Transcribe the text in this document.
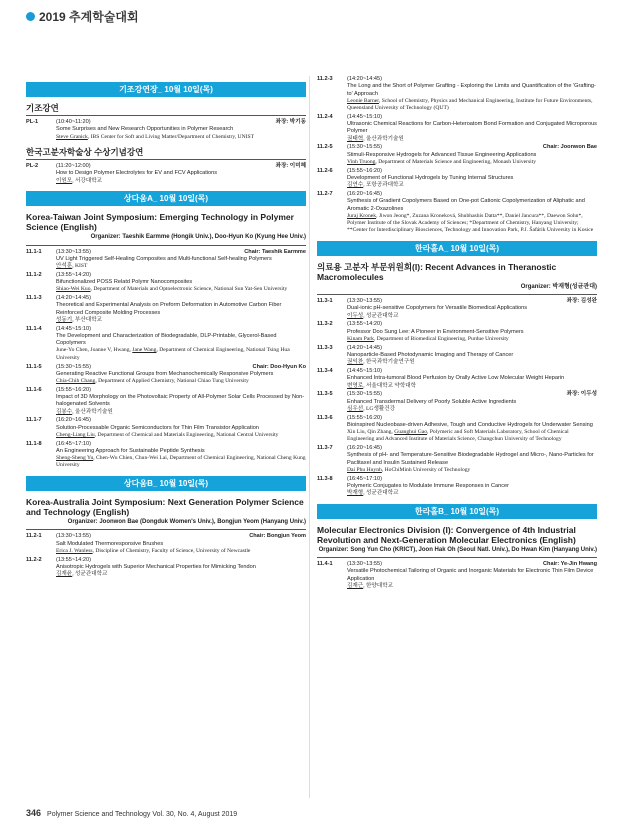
2019 추계학술대회
기조강연장_ 10월 10일(목)
기조강연
PL-1	(10:40~11:20)	좌장: 박기동
Some Surprises and New Research Opportunities in Polymer Research
Steve Granick, IBS Center for Soft and Living Matter/Department of Chemistry, UNIST
한국고분자학술상 수상기념강연
PL-2	(11:20~12:00)	좌장: 이미혜
How to Design Polymer Electrolytes for EV and FCV Applications
이원모, 서강대학교
상다움A_ 10월 10일(목)
Korea-Taiwan Joint Symposium: Emerging Technology in Polymer Science (English)
Organizer: Taeshik Earmme (Hongik Univ.), Doo-Hyun Ko (Kyung Hee Univ.)
11.1-1	(13:30~13:55)	Chair: Taeshik Earmme
UV Light Triggered Self-Healing Composites and Multi-functional Self-healing Polymers
안석훈, KIST
11.1-2	(13:55~14:20)
Bifunctionalized POSS Relatd Polymr Nanocomposites
Shiao-Wei Kuo, Department of Materials and Optoelectronic Science, National Sun Yat-Sen University
11.1-3	(14:20~14:45)
Theoretical and Experimental Analysis on Preform Deformation in Automotive Carbon Fiber Reinforced Composite Molding Processes
성동기, 부산대학교
11.1-4	(14:45~15:10)
The Development and Characterization of Biodegradable, DLP-Printable, Glycerol-Based Copolymers
June-Yo Chen, Joanne V, Hwang, Jane Wang, Department of Chemical Engineering, National Tsing Hua University
11.1-5	(15:30~15:55)	Chair: Doo-Hyun Ko
Generating Reactive Functional Groups from Mechanochemically Responsive Polymers
Chia-Chih Chang, Department of Applied Chemistry, National Chiao Tung University
11.1-6	(15:55~16:20)
Impact of 3D Morphology on the Photovoltaic Property of All-Polymer Solar Cells Processed by Non-halogenated Solvents
김봉수, 울산과학기술원
11.1-7	(16:20~16:45)
Solution-Processable Organic Semiconductors for Thin Film Transistor Application
Cheng-Liang Liu, Department of Chemical and Materials Engineering, National Central University
11.1-8	(16:45~17:10)
An Engineering Approach for Sustainable Peptide Synthesis
Sheng-Sheng Yu, Chen-Wu Chien, Chun-Wei Lai, Department of Chemical Engineering, National Cheng Kung University
상다움B_ 10월 10일(목)
Korea-Australia Joint Symposium: Next Generation Polymer Science and Technology (English)
Organizer: Joonwon Bae (Dongduk Women's Univ.), Bongjun Yeom (Hanyang Univ.)
11.2-1	(13:30~13:55)	Chair: Bongjun Yeom
Salt Modulated Thermoresponsive Brushes
Erica J. Wanless, Discipline of Chemistry, Faculty of Science, University of Newcastle
11.2-2	(13:55~14:20)
Anisotropic Hydrogels with Superior Mechanical Properties for Mimicking Tendon
김재윤, 성균관대학교
11.2-3	(14:20~14:45)
The Long and the Short of Polymer Grafting - Exploring the Limits and Quantification of the 'Grafting-to' Approach
Leonie Barner, School of Chemistry, Physics and Mechanical Engineering, Institute for Future Environments, Queensland University of Technology (QUT)
11.2-4	(14:45~15:10)
Ultrasonic Chemical Reactions for Carbon-Heteroatom Bond Formation and Conjugated Microporous Polymer
권태혁, 울산과학기술원
11.2-5	(15:30~15:55)	Chair: Joonwon Bae
Stimuli-Responsive Hydrogels for Advanced Tissue Engineering Applications
Vinh Truong, Department of Materials Science and Engineering, Monash University
11.2-6	(15:55~16:20)
Development of Functional Hydrogels by Tuning Internal Structures
김연수, 포항공과대학교
11.2-7	(16:20~16:45)
Synthesis of Gradient Copolymers Based on One-pot Cationic Copolymerization of Aliphatic and Aromatic 2-Oxazolines
Juraj Kronek, Jiwon Jeong*, Zuzana Kroneková, Shubhashis Datta**, Daniel Jancura**, Daewon Sohn*, Polymer Institute of the Slovak Academy of Sciences; *Department of Chemistry, Hanyang University; **Center for Interdisciplinary Biosciences, Technology and Innovation Park, P.J. Šafárik University in Kosice
한라홀A_ 10월 10일(목)
의료용 고분자 부문위원회(I): Recent Advances in Theranostic Macromolecules
Organizer: 박재형(성균관대)
11.3-1	(13:30~13:55)	좌장: 김성완
Dual-ionic pH-sensitive Copolymers for Versatile Biomedical Applications
이두성, 성균관대학교
11.3-2	(13:55~14:20)
Professor Doo Sung Lee: A Pioneer in Environment-Sensitive Polymers
Kinam Park, Department of Biomedical Engineering, Purdue University
11.3-3	(14:20~14:45)
Nanoparticle-Based Photodynamic Imaging and Therapy of Cancer
권익찬, 한국과학기술연구원
11.3-4	(14:45~15:10)
Enhanced Intra-tumoral Blood Perfusion by Orally Active Low Molecular Weight Heparin
변영로, 서울대학교 약학대학
11.3-5	(15:30~15:55)	좌장: 이두성
Enhanced Transdermal Delivery of Poorly Soluble Active Ingredients
심우선, LG생활건강
11.3-6	(15:55~16:20)
Bioinspired Nucleobase-driven Adhesive, Tough and Conductive Hydrogels for Underwater Sensing
Xin Liu, Qin Zhang, Guanghui Gao, Polymeric and Soft Materials Laboratory, School of Chemical Engineering and Advanced Institute of Materials Science, Changchun University of Technology
11.3-7	(16:20~16:45)
Synthesis of pH- and Temperature-Sensitive Biodegradable Hydrogel and Micro-, Nano-Particles for Paclitaxel and Insulin Sustained Release
Dai Phu Huynh, HoChiMinh University of Technology
11.3-8	(16:45~17:10)
Polymeric Conjugates to Modulate Immune Responses in Cancer
박재형, 성균관대학교
한라홀B_ 10월 10일(목)
Molecular Electronics Division (I): Convergence of 4th Industrial Revolution and Next-Generation Molecular Electronics (English)
Organizer: Song Yun Cho (KRICT), Joon Hak Oh (Seoul Natl. Univ.), Do Hwan Kim (Hanyang Univ.)
11.4-1	(13:30~13:55)	Chair: Ye-Jin Hwang
Versatile Photochemical Tailoring of Organic and Inorganic Materials for Electronic Thin Film Device Application
김재근, 한양대학교
346 Polymer Science and Technology Vol. 30, No. 4, August 2019
